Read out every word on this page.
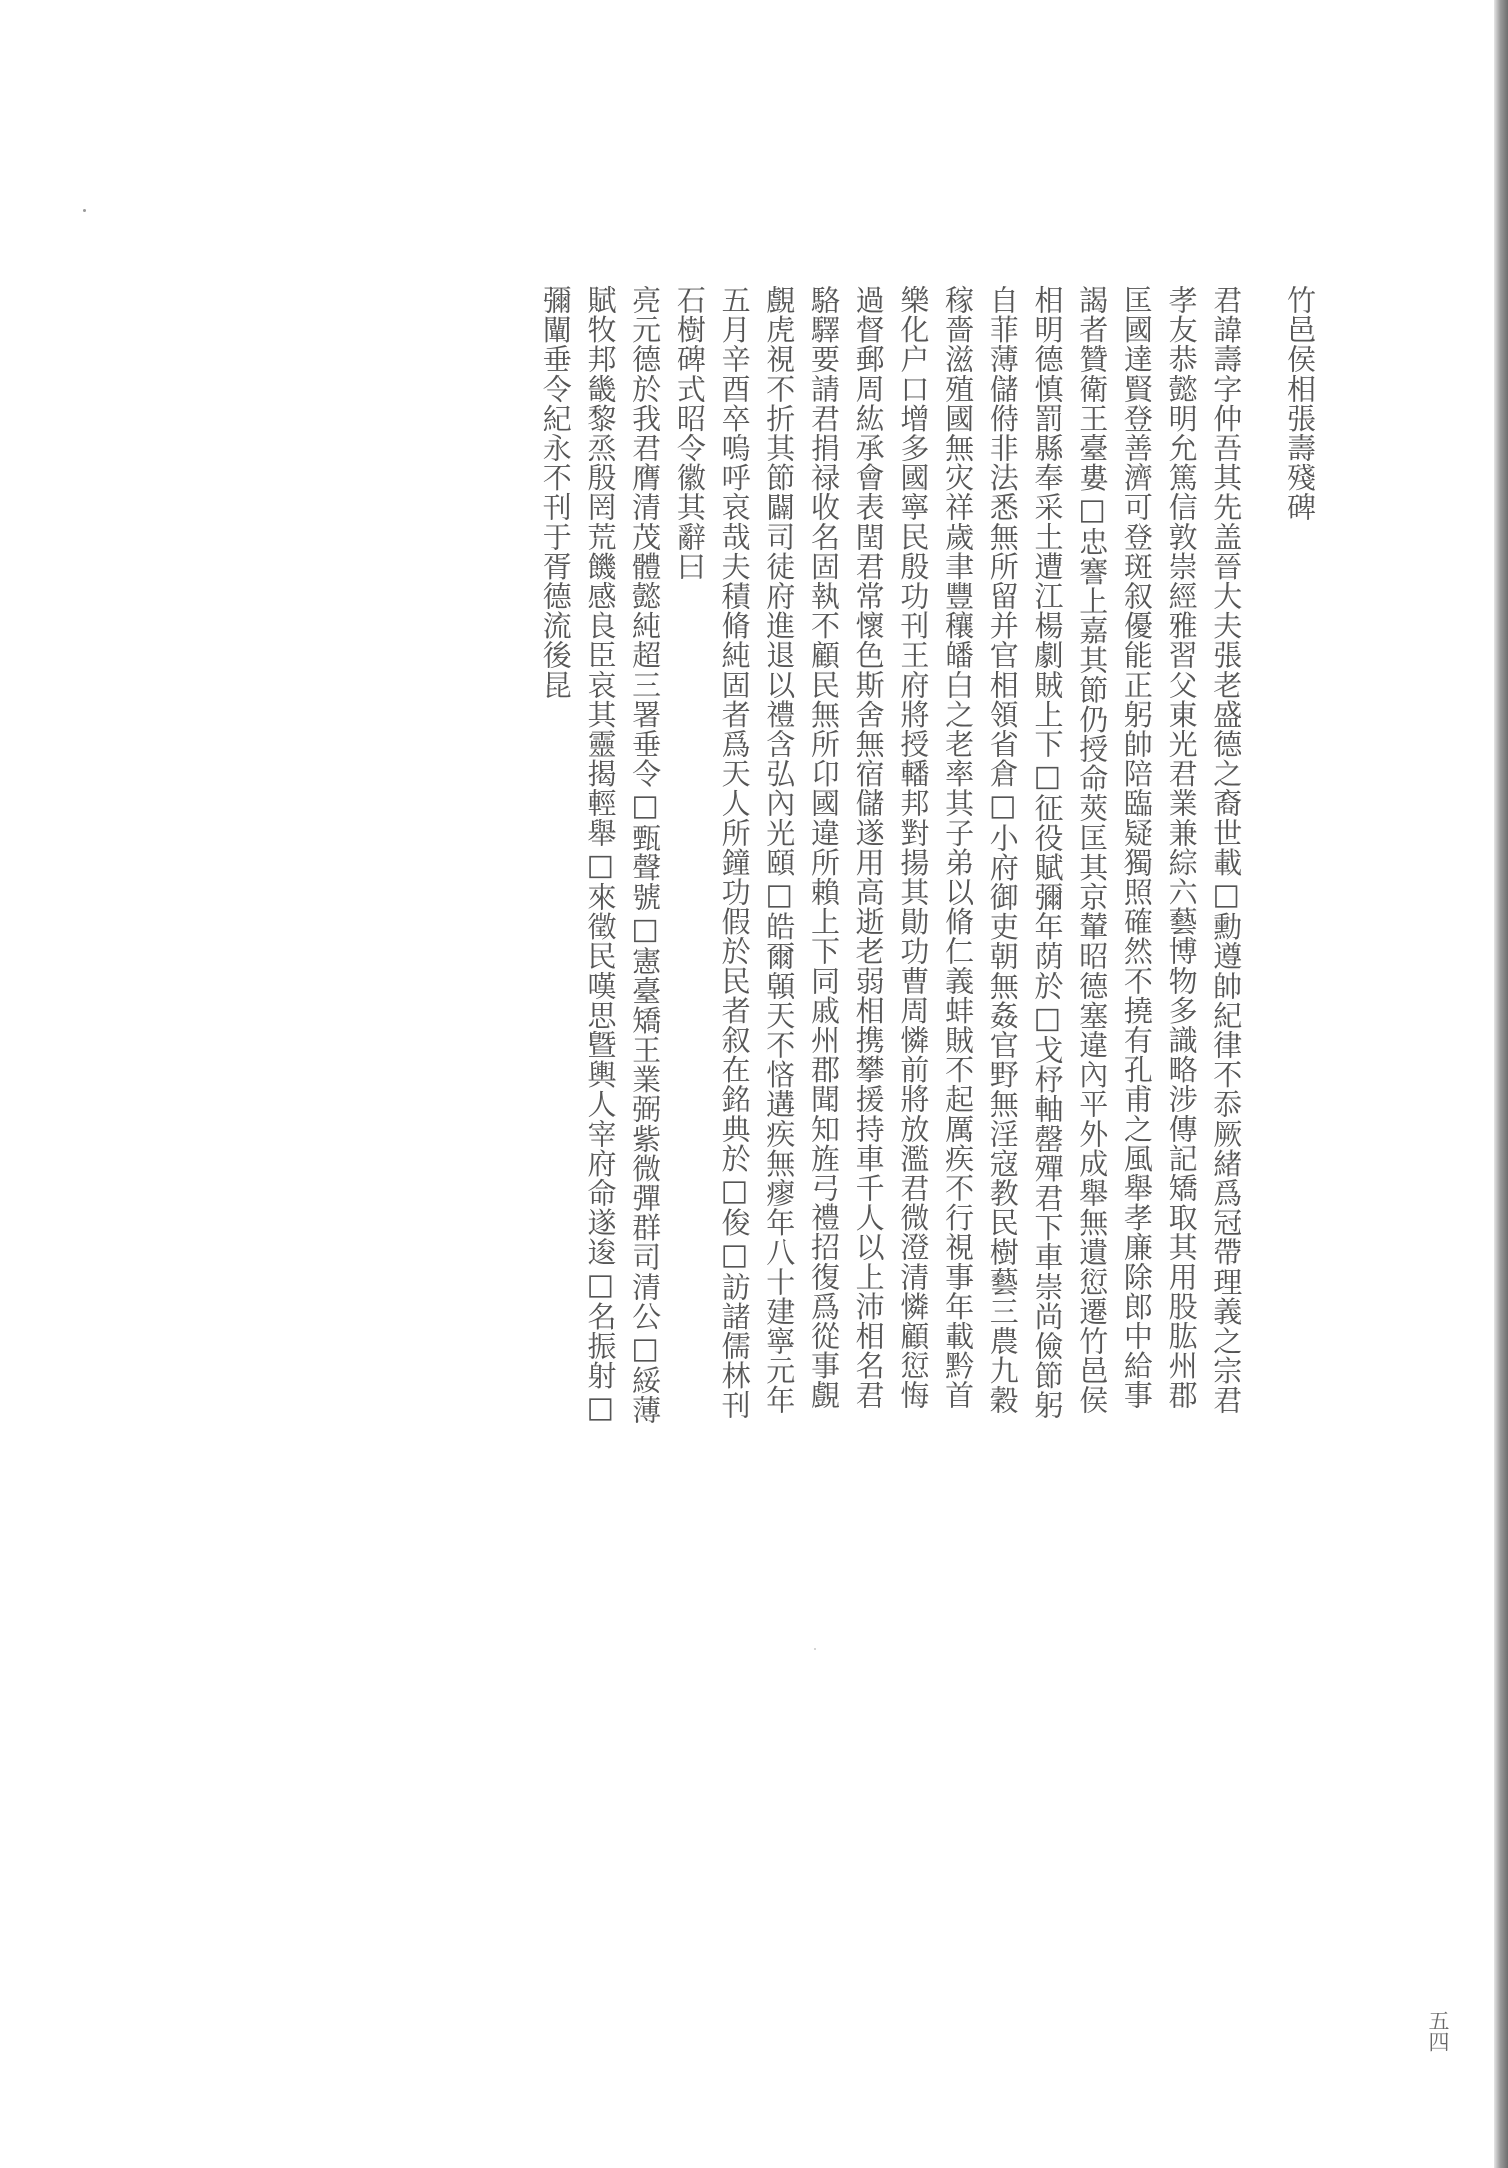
竹邑侯相張壽殘碑

君諱壽字仲吾其先盖晉大夫張老盛德之裔世載□勳遵帥紀律不忝厥緒爲冠帶理義之宗君

孝友恭懿明允篤信敦崇經雅習父東光君業兼綜六藝博物多識略涉傳記矯取其用股肱州郡

匡國達賢登善濟可登斑叙優能正躬帥陪臨疑獨照確然不撓有孔甫之風舉孝廉除郎中給事

謁者贊衛王臺婁□忠謇上嘉其節仍授命莢匡其京輦昭德塞違內平外成舉無遺愆遷竹邑侯

相明德慎罰縣奉采土遭江楊劇賊上下□征役賦彌年荫於□戈杼軸罄殫君下車崇尚儉節躬

自菲薄儲偫非法悉無所留并官相領省倉□小府御吏朝無姦官野無淫寇教民樹藝三農九穀

稼嗇滋殖國無灾祥歲聿豐穰皤白之老率其子弟以脩仁義蚌賊不起厲疾不行視事年載黔首

樂化户口增多國寧民殷功刊王府將授轓邦對揚其勛功曹周憐前將放濫君微澄清憐顧愆悔

過督郵周紘承會表閏君常懷色斯舍無宿儲遂用高逝老弱相携攀援持車千人以上沛相名君

駱驛要請君捐禄收名固執不顧民無所卬國違所賴上下同戚州郡聞知旌弓禮招復爲從事覻

覻虎視不折其節闢司徒府進退以禮含弘內光頤□皓爾顊天不悋遘疾無瘳年八十建寧元年

五月辛酉卒嗚呼哀哉夫積脩純固者爲天人所鐘功假於民者叙在銘典於□俊□訪諸儒林刊

石樹碑式昭令徽其辭曰

亮元德於我君膺清茂體懿純超三署垂令□甄聲號□憲臺矯王業弼紫微彈群司清公□綏薄

賦牧邦畿黎烝殷罔荒饑感良臣哀其靈揭輕舉□來徵民嘆思曁輿人宰府命遂逡□名振射□

彌闡垂令紀永不刊于胥德流後昆

五四
